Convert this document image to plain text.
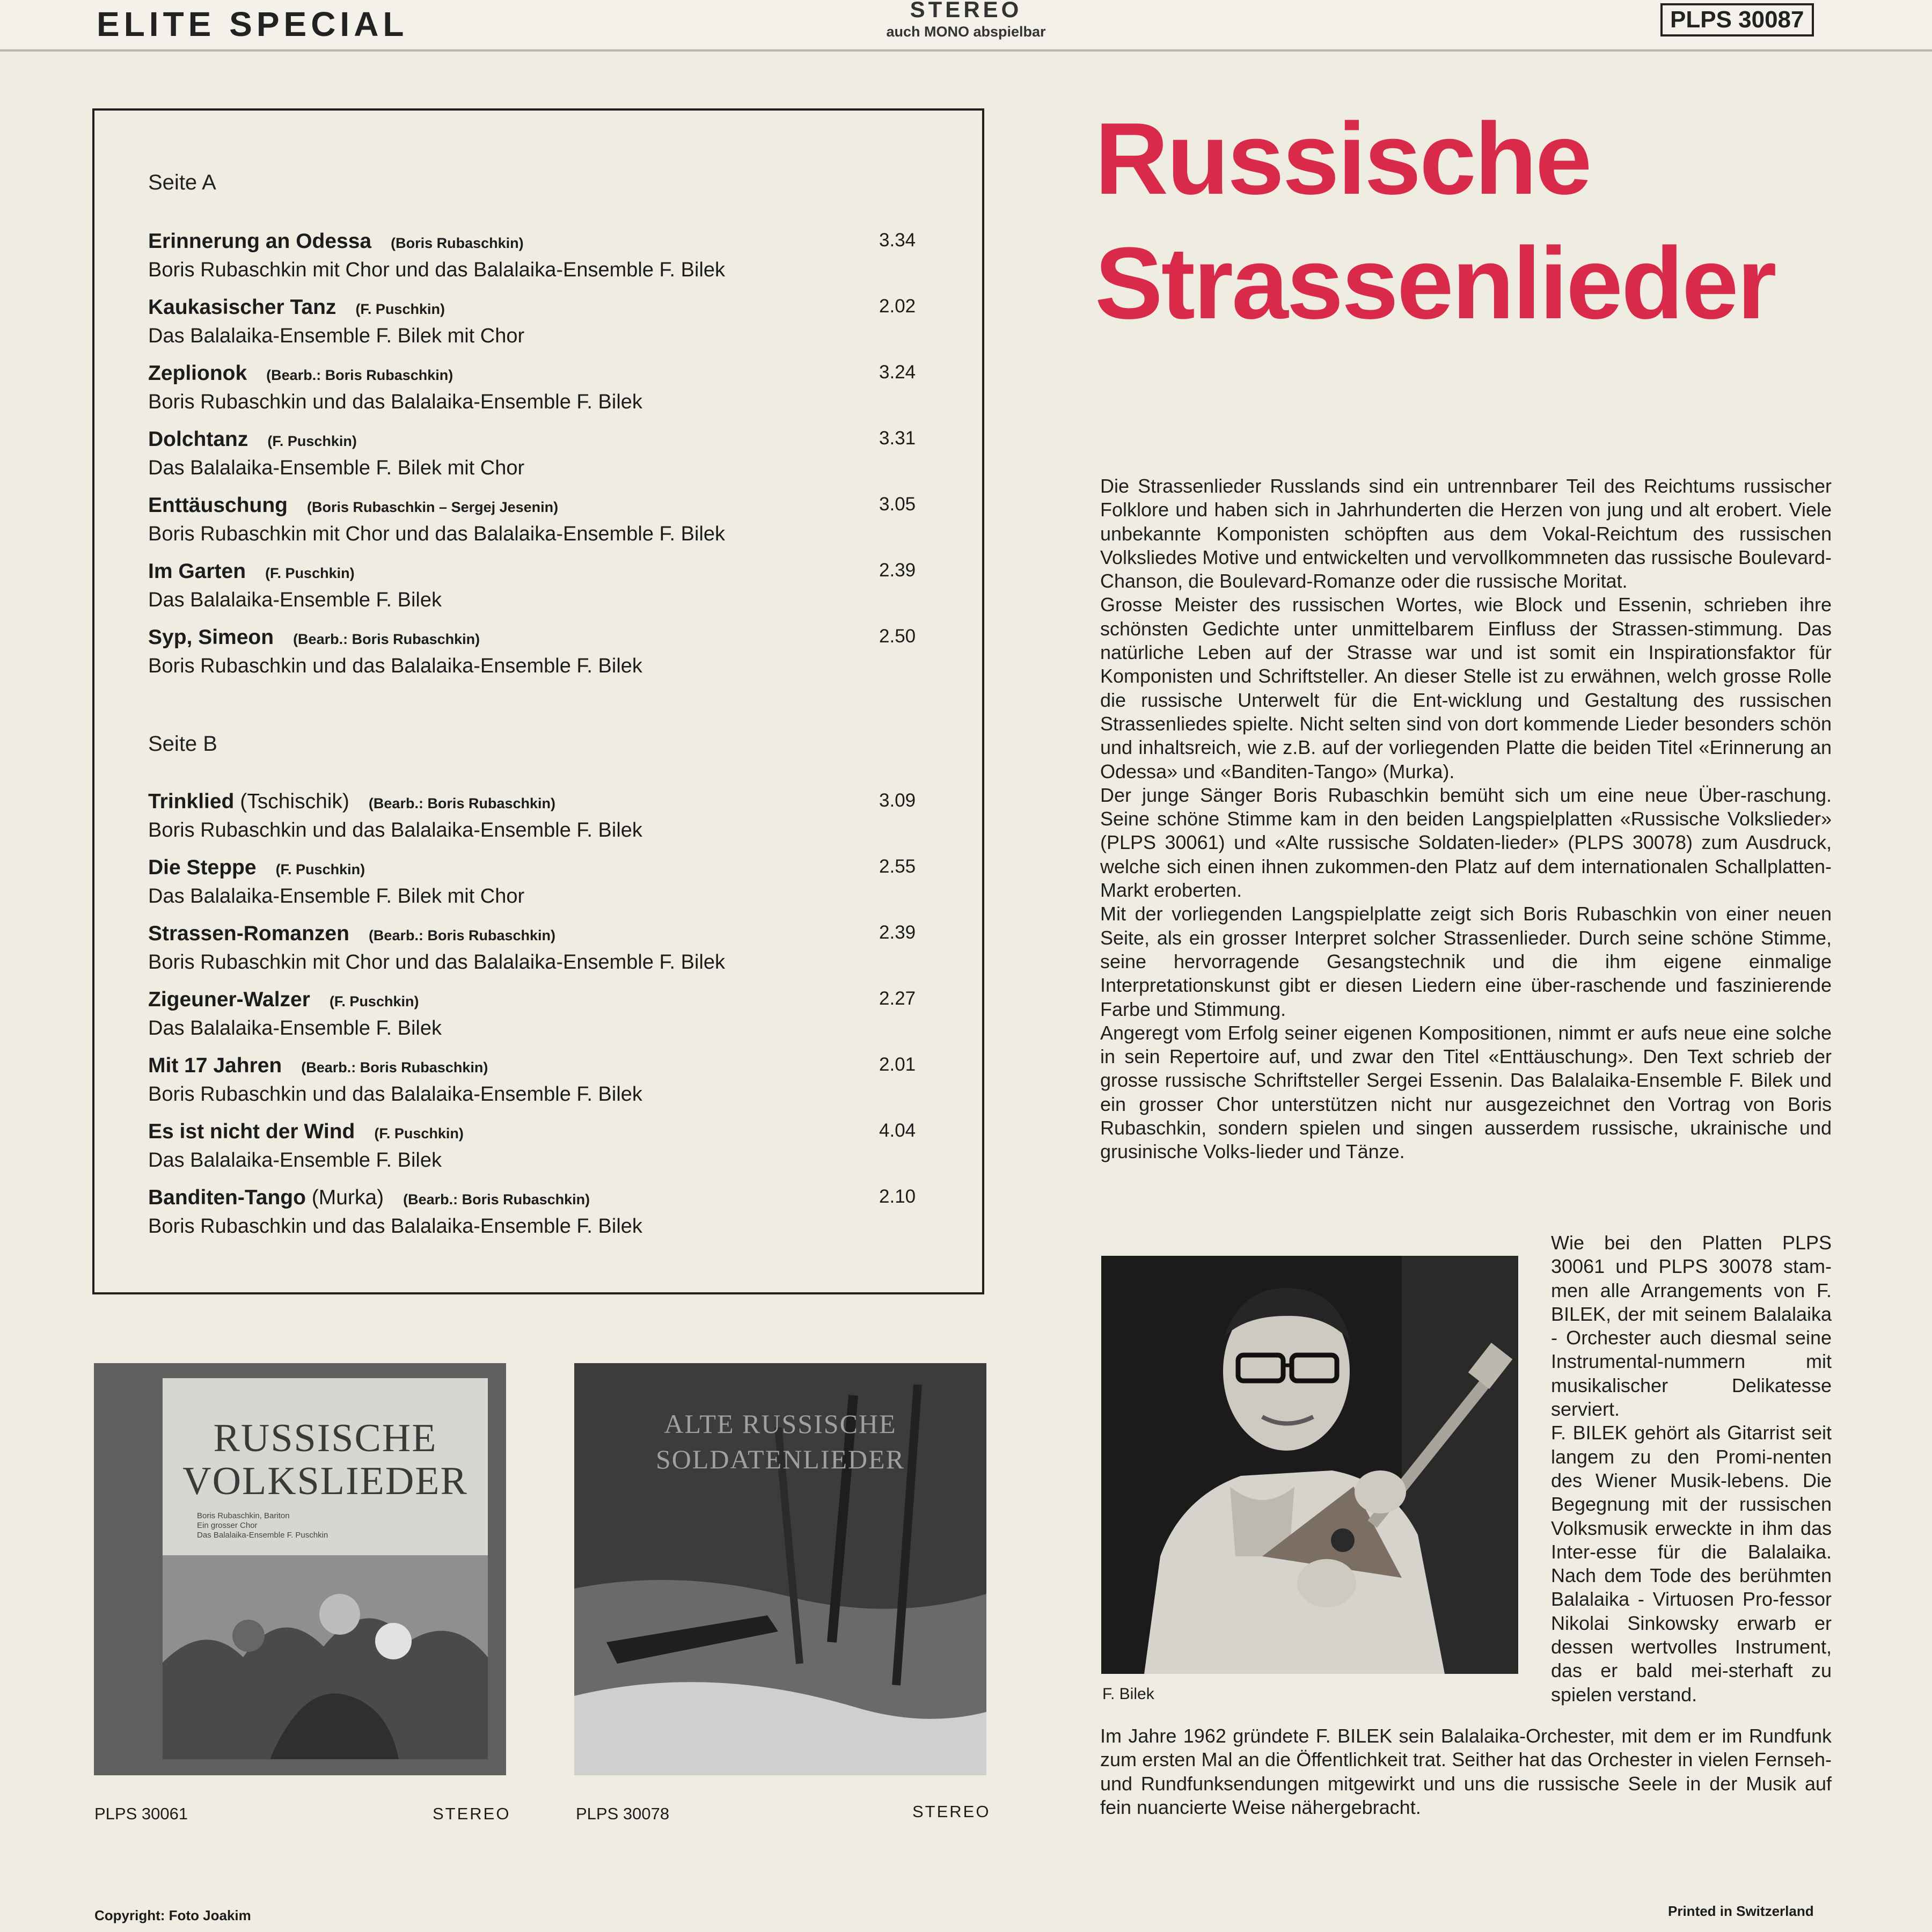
ELITE SPECIAL	STEREO
auch MONO abspielbar	PLPS 30087
Seite A
Erinnerung an Odessa (Boris Rubaschkin)
Boris Rubaschkin mit Chor und das Balalaika-Ensemble F. Bilek
3.34
Kaukasischer Tanz (F. Puschkin)
Das Balalaika-Ensemble F. Bilek mit Chor
2.02
Zeplionok (Bearb.: Boris Rubaschkin)
Boris Rubaschkin und das Balalaika-Ensemble F. Bilek
3.24
Dolchtanz (F. Puschkin)
Das Balalaika-Ensemble F. Bilek mit Chor
3.31
Enttäuschung (Boris Rubaschkin – Sergej Jesenin)
Boris Rubaschkin mit Chor und das Balalaika-Ensemble F. Bilek
3.05
Im Garten (F. Puschkin)
Das Balalaika-Ensemble F. Bilek
2.39
Syp, Simeon (Bearb.: Boris Rubaschkin)
Boris Rubaschkin und das Balalaika-Ensemble F. Bilek
2.50
Seite B
Trinklied (Tschischik) (Bearb.: Boris Rubaschkin)
Boris Rubaschkin und das Balalaika-Ensemble F. Bilek
3.09
Die Steppe (F. Puschkin)
Das Balalaika-Ensemble F. Bilek mit Chor
2.55
Strassen-Romanzen (Bearb.: Boris Rubaschkin)
Boris Rubaschkin mit Chor und das Balalaika-Ensemble F. Bilek
2.39
Zigeuner-Walzer (F. Puschkin)
Das Balalaika-Ensemble F. Bilek
2.27
Mit 17 Jahren (Bearb.: Boris Rubaschkin)
Boris Rubaschkin und das Balalaika-Ensemble F. Bilek
2.01
Es ist nicht der Wind (F. Puschkin)
Das Balalaika-Ensemble F. Bilek
4.04
Banditen-Tango (Murka) (Bearb.: Boris Rubaschkin)
Boris Rubaschkin und das Balalaika-Ensemble F. Bilek
2.10
Russische
Strassenlieder
Die Strassenlieder Russlands sind ein untrennbarer Teil des Reichtums russischer Folklore und haben sich in Jahrhunderten die Herzen von jung und alt erobert. Viele unbekannte Komponisten schöpften aus dem Vokal-Reichtum des russischen Volksliedes Motive und entwickelten und vervollkommneten das russische Boulevard-Chanson, die Boulevard-Romanze oder die russische Moritat.
Grosse Meister des russischen Wortes, wie Block und Essenin, schrieben ihre schönsten Gedichte unter unmittelbarem Einfluss der Strassen-stimmung. Das natürliche Leben auf der Strasse war und ist somit ein Inspirationsfaktor für Komponisten und Schriftsteller. An dieser Stelle ist zu erwähnen, welch grosse Rolle die russische Unterwelt für die Ent-wicklung und Gestaltung des russischen Strassenliedes spielte. Nicht selten sind von dort kommende Lieder besonders schön und inhaltsreich, wie z.B. auf der vorliegenden Platte die beiden Titel «Erinnerung an Odessa» und «Banditen-Tango» (Murka).
Der junge Sänger Boris Rubaschkin bemüht sich um eine neue Über-raschung. Seine schöne Stimme kam in den beiden Langspielplatten «Russische Volkslieder» (PLPS 30061) und «Alte russische Soldaten-lieder» (PLPS 30078) zum Ausdruck, welche sich einen ihnen zukommen-den Platz auf dem internationalen Schallplatten-Markt eroberten.
Mit der vorliegenden Langspielplatte zeigt sich Boris Rubaschkin von einer neuen Seite, als ein grosser Interpret solcher Strassenlieder. Durch seine schöne Stimme, seine hervorragende Gesangstechnik und die ihm eigene einmalige Interpretationskunst gibt er diesen Liedern eine über-raschende und faszinierende Farbe und Stimmung.
Angeregt vom Erfolg seiner eigenen Kompositionen, nimmt er aufs neue eine solche in sein Repertoire auf, und zwar den Titel «Enttäuschung». Den Text schrieb der grosse russische Schriftsteller Sergei Essenin. Das Balalaika-Ensemble F. Bilek und ein grosser Chor unterstützen nicht nur ausgezeichnet den Vortrag von Boris Rubaschkin, sondern spielen und singen ausserdem russische, ukrainische und grusinische Volks-lieder und Tänze.
Wie bei den Platten PLPS 30061 und PLPS 30078 stam-men alle Arrangements von F. BILEK, der mit seinem Balalaika - Orchester auch diesmal seine Instrumental-nummern mit musikalischer Delikatesse serviert.
F. BILEK gehört als Gitarrist seit langem zu den Promi-nenten des Wiener Musik-lebens. Die Begegnung mit der russischen Volksmusik erweckte in ihm das Inter-esse für die Balalaika. Nach dem Tode des berühmten Balalaika - Virtuosen Pro-fessor Nikolai Sinkowsky erwarb er dessen wertvolles Instrument, das er bald mei-sterhaft zu spielen verstand.
Im Jahre 1962 gründete F. BILEK sein Balalaika-Orchester, mit dem er im Rundfunk zum ersten Mal an die Öffentlichkeit trat. Seither hat das Orchester in vielen Fernseh- und Rundfunksendungen mitgewirkt und uns die russische Seele in der Musik auf fein nuancierte Weise nähergebracht.
F. Bilek
RUSSISCHE
VOLKSLIEDER
Boris Rubaschkin, Bariton
Ein grosser Chor
Das Balalaika-Ensemble F. Puschkin
ALTE RUSSISCHE
SOLDATENLIEDER
PLPS 30061	STEREO	PLPS 30078	STEREO
Copyright: Foto Joakim	Printed in Switzerland
